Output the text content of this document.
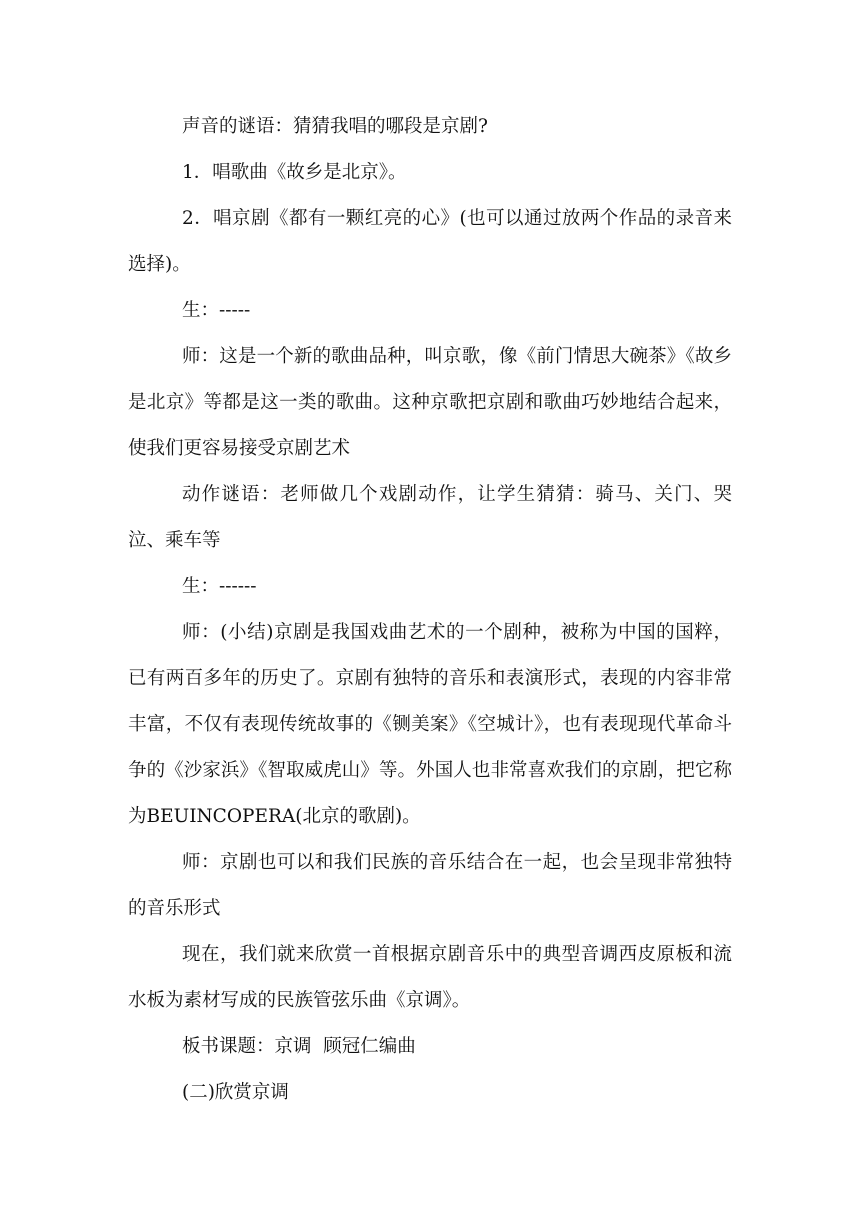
声音的谜语：猜猜我唱的哪段是京剧?

1．唱歌曲《故乡是北京》。

2．唱京剧《都有一颗红亮的心》(也可以通过放两个作品的录音来选择)。

生：-----

师：这是一个新的歌曲品种，叫京歌，像《前门情思大碗茶》《故乡是北京》等都是这一类的歌曲。这种京歌把京剧和歌曲巧妙地结合起来，使我们更容易接受京剧艺术

动作谜语：老师做几个戏剧动作，让学生猜猜：骑马、关门、哭泣、乘车等

生：------

师：(小结)京剧是我国戏曲艺术的一个剧种，被称为中国的国粹，已有两百多年的历史了。京剧有独特的音乐和表演形式，表现的内容非常丰富，不仅有表现传统故事的《铡美案》《空城计》，也有表现现代革命斗争的《沙家浜》《智取威虎山》等。外国人也非常喜欢我们的京剧，把它称为BEUINCOPERA(北京的歌剧)。

师：京剧也可以和我们民族的音乐结合在一起，也会呈现非常独特的音乐形式

现在，我们就来欣赏一首根据京剧音乐中的典型音调西皮原板和流水板为素材写成的民族管弦乐曲《京调》。

板书课题：京调  顾冠仁编曲

(二)欣赏京调
